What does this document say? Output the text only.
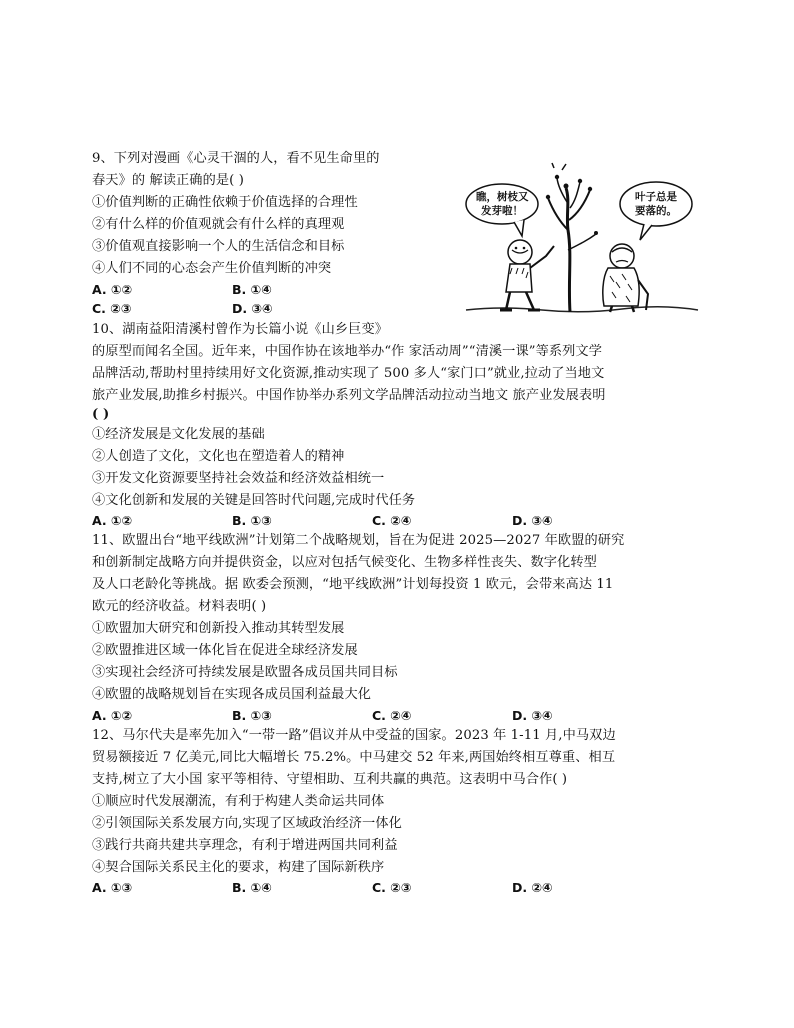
9、下列对漫画《心灵干涸的人，看不见生命里的
春天》的 解读正确的是( )
①价值判断的正确性依赖于价值选择的合理性
②有什么样的价值观就会有什么样的真理观
③价值观直接影响一个人的生活信念和目标
④人们不同的心态会产生价值判断的冲突
A. ①②	B. ①④
C. ②③	D. ③④
瞧，树枝又
发芽啦！
叶子总是
要落的。
10、湖南益阳清溪村曾作为长篇小说《山乡巨变》
的原型而闻名全国。近年来，中国作协在该地举办“作 家活动周”“清溪一课”等系列文学
品牌活动,帮助村里持续用好文化资源,推动实现了 500 多人“家门口”就业,拉动了当地文
旅产业发展,助推乡村振兴。中国作协举办系列文学品牌活动拉动当地文 旅产业发展表明
( )
①经济发展是文化发展的基础
②人创造了文化，文化也在塑造着人的精神
③开发文化资源要坚持社会效益和经济效益相统一
④文化创新和发展的关键是回答时代问题,完成时代任务
A. ①②	B. ①③	C. ②④	D. ③④
11、欧盟出台“地平线欧洲”计划第二个战略规划，旨在为促进 2025—2027 年欧盟的研究
和创新制定战略方向并提供资金，以应对包括气候变化、生物多样性丧失、数字化转型
及人口老龄化等挑战。据 欧委会预测，“地平线欧洲”计划每投资 1 欧元，会带来高达 11
欧元的经济收益。材料表明( )
①欧盟加大研究和创新投入推动其转型发展
②欧盟推进区域一体化旨在促进全球经济发展
③实现社会经济可持续发展是欧盟各成员国共同目标
④欧盟的战略规划旨在实现各成员国利益最大化
A. ①②	B. ①③	C. ②④	D. ③④
12、马尔代夫是率先加入“一带一路”倡议并从中受益的国家。2023 年 1-11 月,中马双边
贸易额接近 7 亿美元,同比大幅增长 75.2%。中马建交 52 年来,两国始终相互尊重、相互
支持,树立了大小国 家平等相待、守望相助、互利共赢的典范。这表明中马合作( )
①顺应时代发展潮流，有利于构建人类命运共同体
②引领国际关系发展方向,实现了区域政治经济一体化
③践行共商共建共享理念，有利于增进两国共同利益
④契合国际关系民主化的要求，构建了国际新秩序
A. ①③	B. ①④	C. ②③	D. ②④
